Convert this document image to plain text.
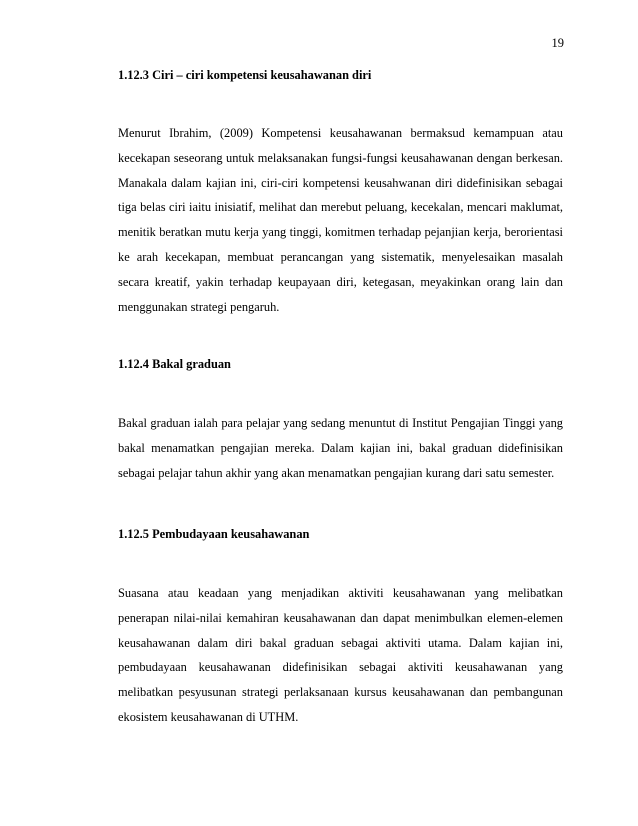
19

1.12.3 Ciri – ciri kompetensi keusahawanan diri

Menurut Ibrahim, (2009) Kompetensi keusahawanan bermaksud kemampuan atau kecekapan seseorang untuk melaksanakan fungsi-fungsi keusahawanan dengan berkesan. Manakala dalam kajian ini, ciri-ciri kompetensi keusahwanan diri didefinisikan sebagai tiga belas ciri iaitu inisiatif, melihat dan merebut peluang, kecekalan, mencari maklumat, menitik beratkan mutu kerja yang tinggi, komitmen terhadap pejanjian kerja, berorientasi ke arah kecekapan, membuat perancangan yang sistematik, menyelesaikan masalah secara kreatif, yakin terhadap keupayaan diri, ketegasan, meyakinkan orang lain dan menggunakan strategi pengaruh.

1.12.4 Bakal graduan

Bakal graduan ialah para pelajar yang sedang menuntut di Institut Pengajian Tinggi yang bakal menamatkan pengajian mereka. Dalam kajian ini, bakal graduan didefinisikan sebagai pelajar tahun akhir yang akan menamatkan pengajian kurang dari satu semester.

1.12.5 Pembudayaan keusahawanan

Suasana atau keadaan yang menjadikan aktiviti keusahawanan yang melibatkan penerapan nilai-nilai kemahiran keusahawanan dan dapat menimbulkan elemen-elemen keusahawanan dalam diri bakal graduan sebagai aktiviti utama. Dalam kajian ini, pembudayaan keusahawanan didefinisikan sebagai aktiviti keusahawanan yang melibatkan pesyusunan strategi perlaksanaan kursus keusahawanan dan pembangunan ekosistem keusahawanan di UTHM.
